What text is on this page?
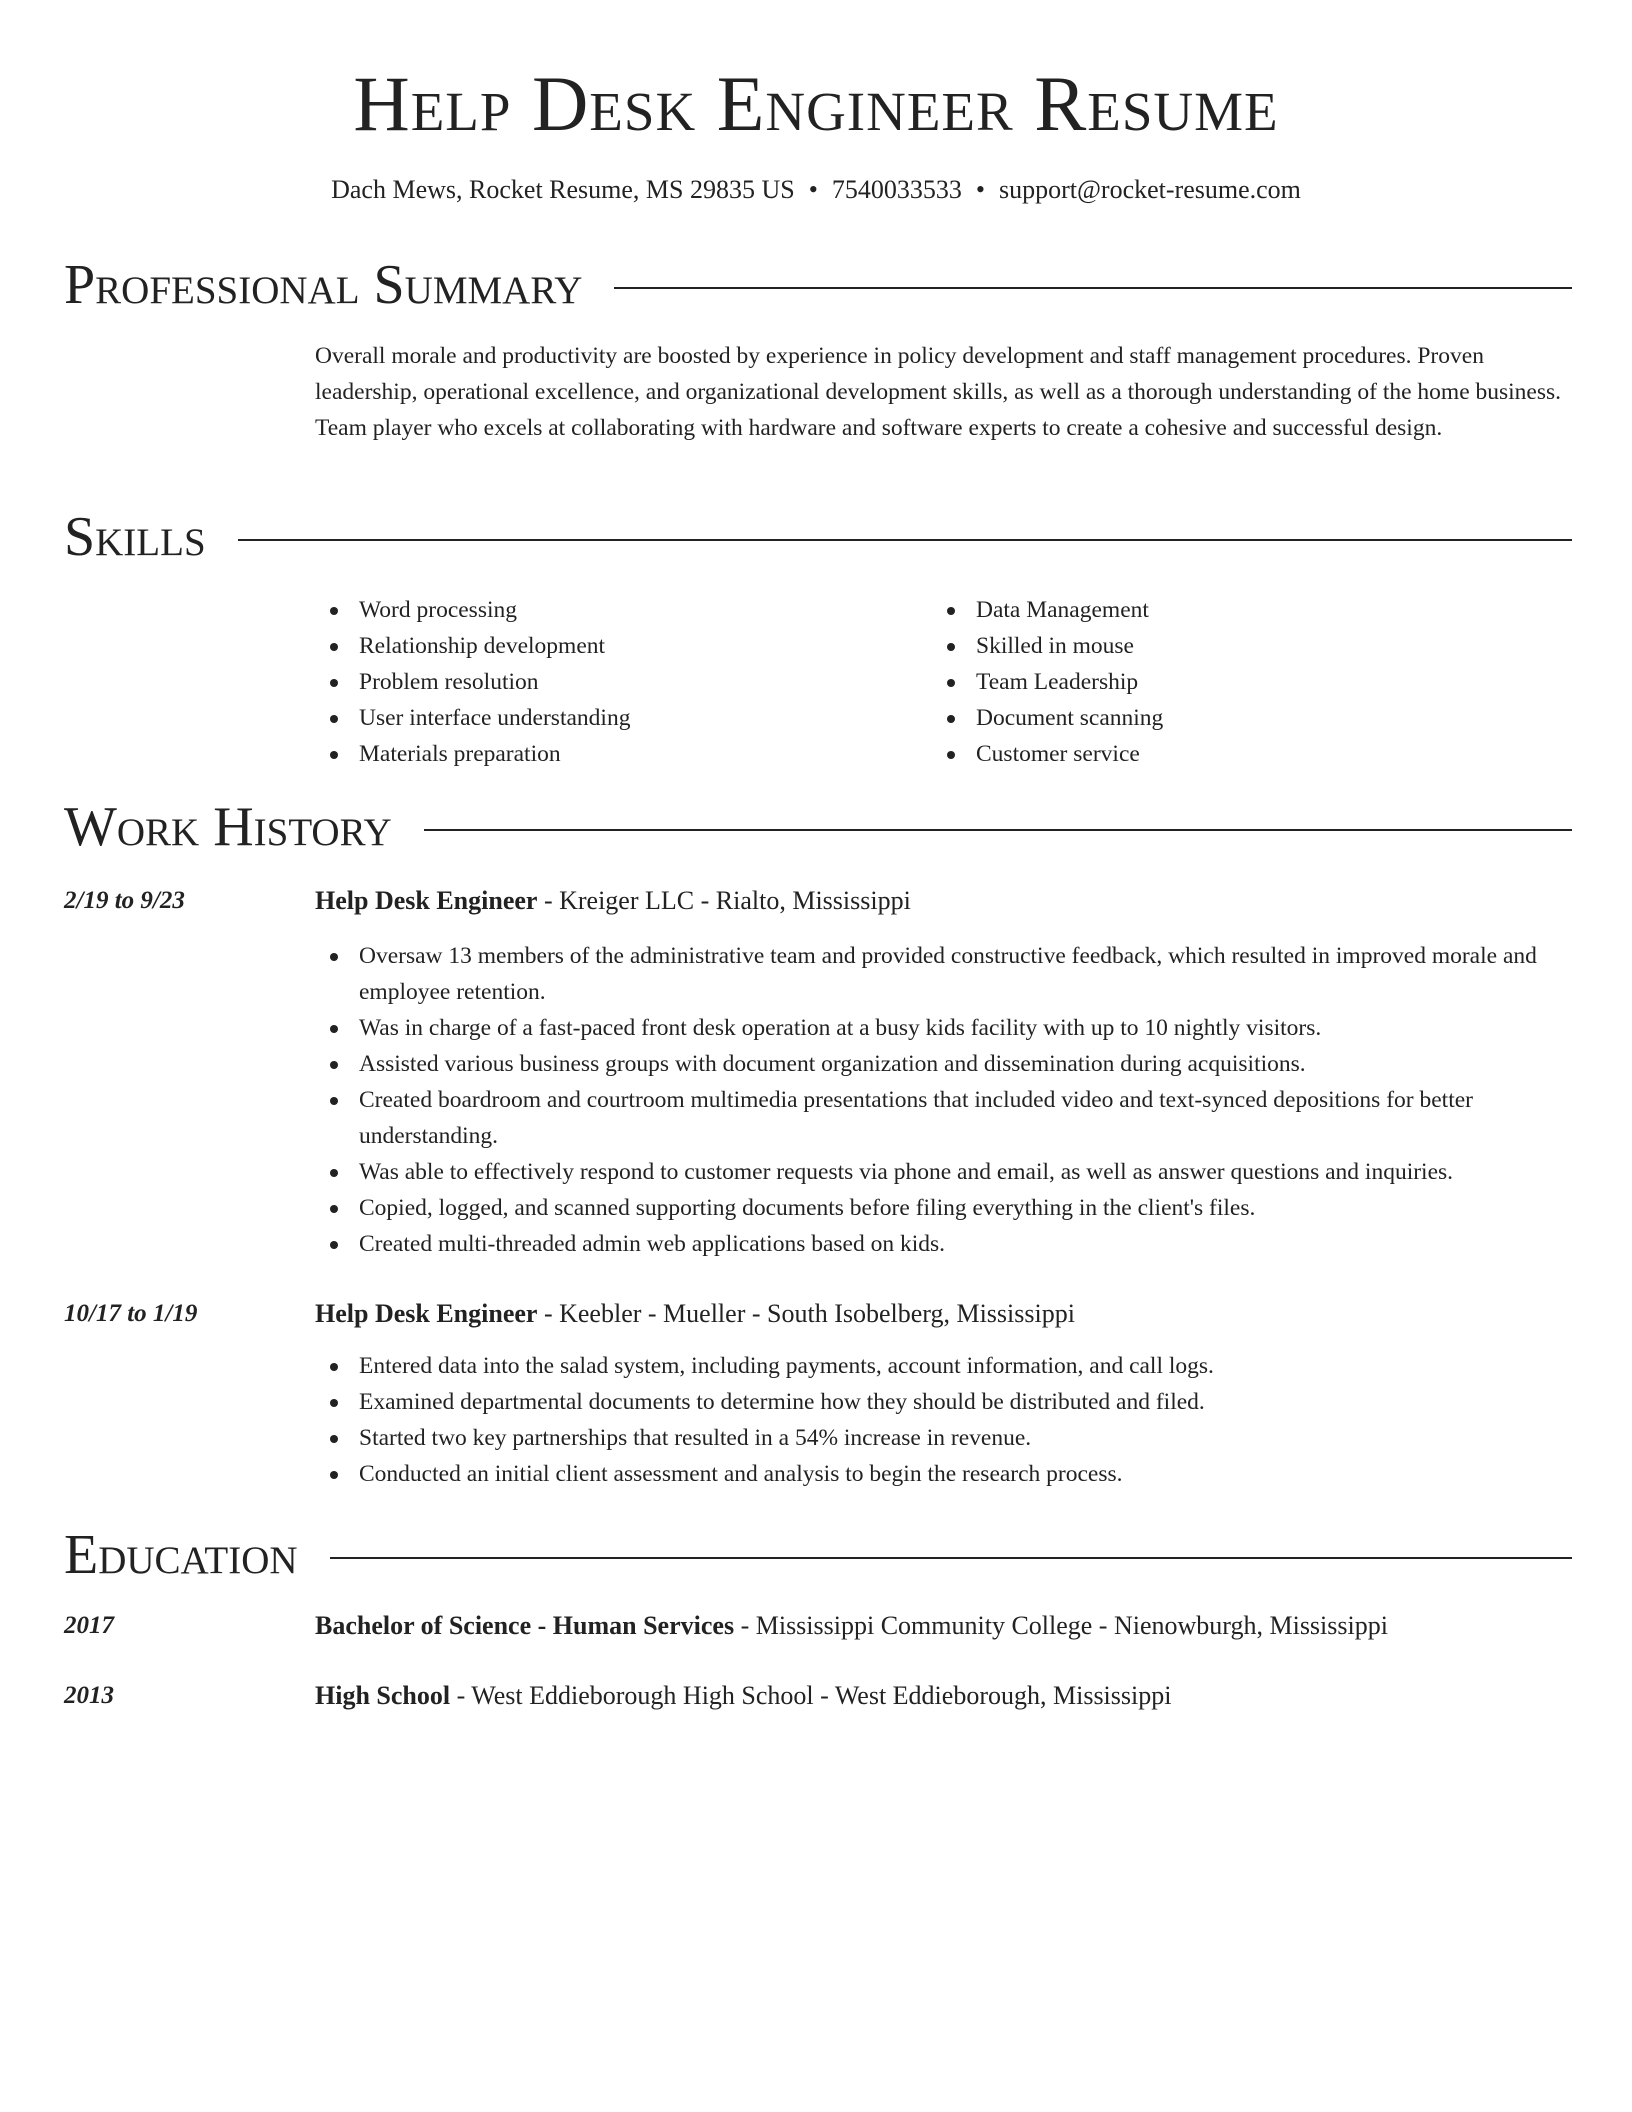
Help Desk Engineer Resume
Dach Mews, Rocket Resume, MS 29835 US • 7540033533 • support@rocket-resume.com
Professional Summary

Overall morale and productivity are boosted by experience in policy development and staff management procedures. Proven leadership, operational excellence, and organizational development skills, as well as a thorough understanding of the home business. Team player who excels at collaborating with hardware and software experts to create a cohesive and successful design.

Skills
Word processing
Relationship development
Problem resolution
User interface understanding
Materials preparation
Data Management
Skilled in mouse
Team Leadership
Document scanning
Customer service
Work History
2/19 to 9/23	Help Desk Engineer - Kreiger LLC - Rialto, Mississippi
Oversaw 13 members of the administrative team and provided constructive feedback, which resulted in improved morale and employee retention.
Was in charge of a fast-paced front desk operation at a busy kids facility with up to 10 nightly visitors.
Assisted various business groups with document organization and dissemination during acquisitions.
Created boardroom and courtroom multimedia presentations that included video and text-synced depositions for better understanding.
Was able to effectively respond to customer requests via phone and email, as well as answer questions and inquiries.
Copied, logged, and scanned supporting documents before filing everything in the client's files.
Created multi-threaded admin web applications based on kids.
10/17 to 1/19	Help Desk Engineer - Keebler - Mueller - South Isobelberg, Mississippi
Entered data into the salad system, including payments, account information, and call logs.
Examined departmental documents to determine how they should be distributed and filed.
Started two key partnerships that resulted in a 54% increase in revenue.
Conducted an initial client assessment and analysis to begin the research process.
Education
2017	Bachelor of Science - Human Services - Mississippi Community College - Nienowburgh, Mississippi
2013	High School - West Eddieborough High School - West Eddieborough, Mississippi
